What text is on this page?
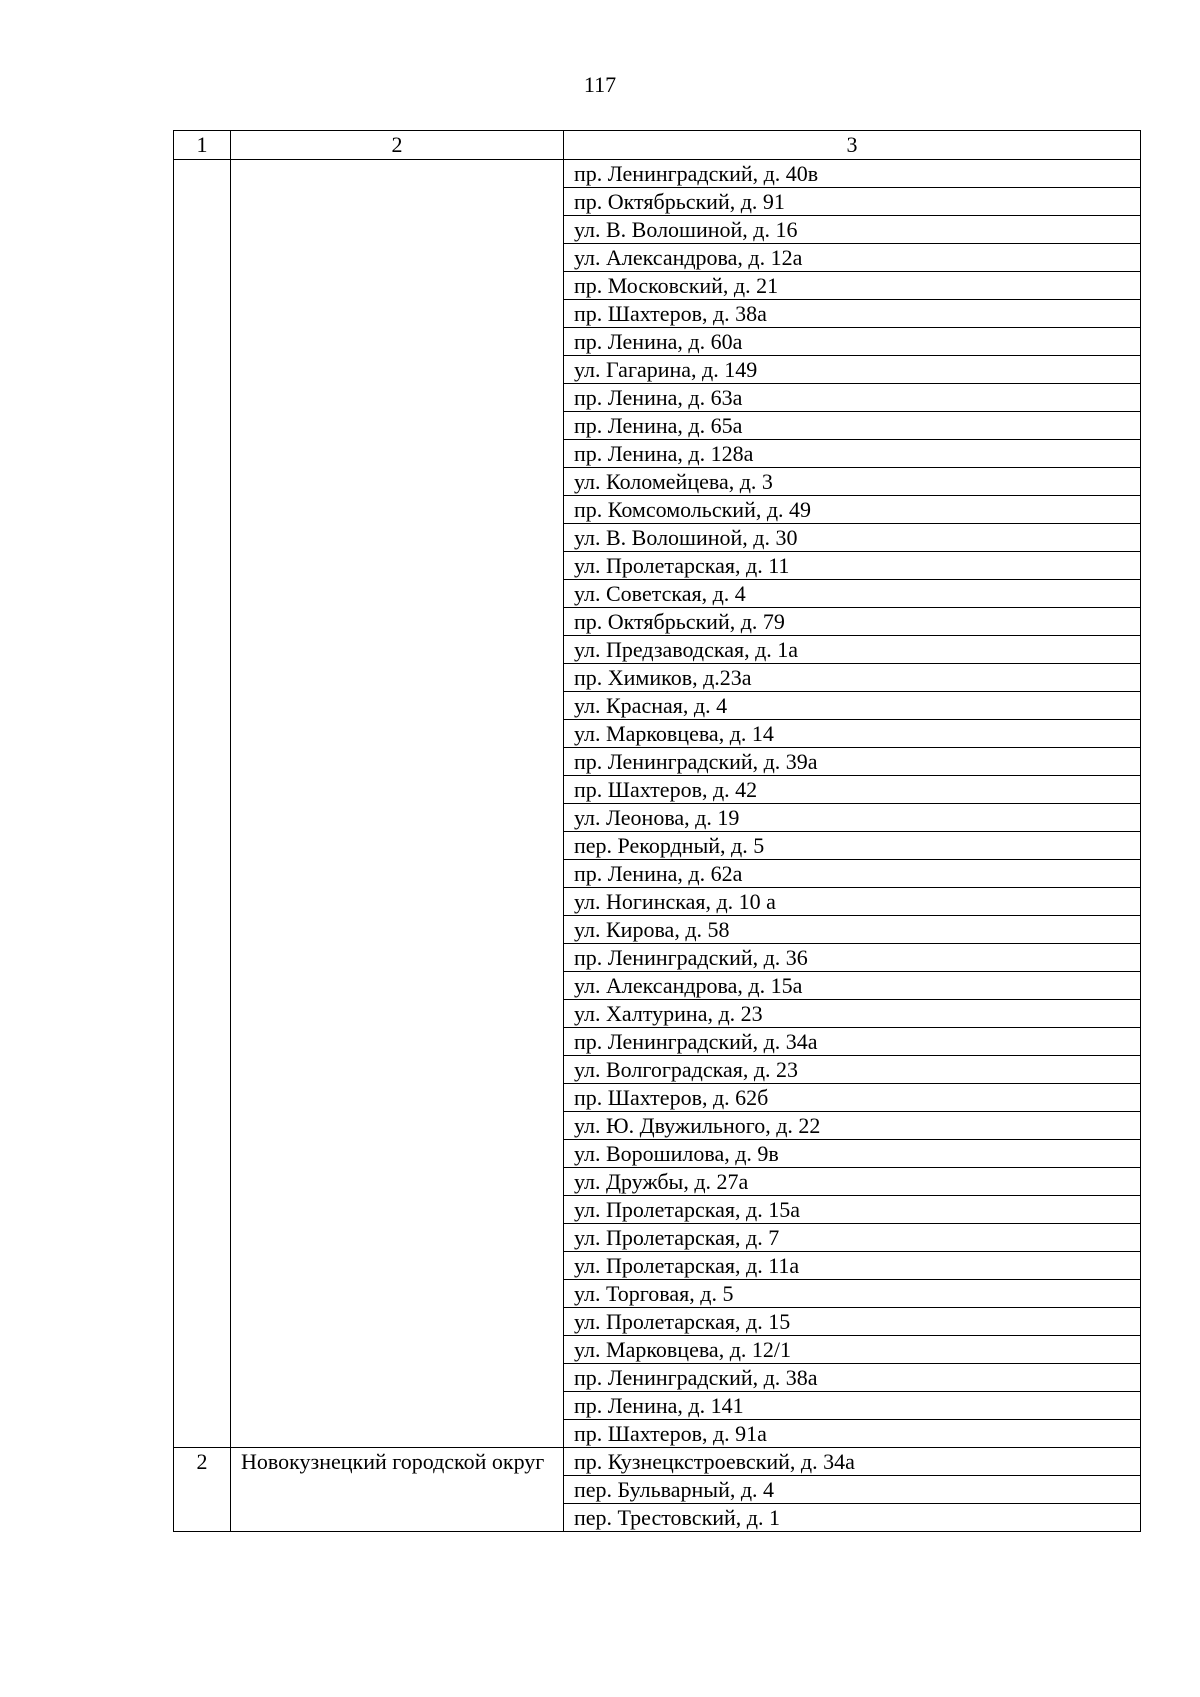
117
1	2	3
		пр. Ленинградский, д. 40в
		пр. Октябрьский, д. 91
		ул. В. Волошиной, д. 16
		ул. Александрова, д. 12а
		пр. Московский, д. 21
		пр. Шахтеров, д. 38а
		пр. Ленина, д. 60а
		ул. Гагарина, д. 149
		пр. Ленина, д. 63а
		пр. Ленина, д. 65а
		пр. Ленина, д. 128а
		ул. Коломейцева, д. 3
		пр. Комсомольский, д. 49
		ул. В. Волошиной, д. 30
		ул. Пролетарская, д. 11
		ул. Советская, д. 4
		пр. Октябрьский, д. 79
		ул. Предзаводская, д. 1а
		пр. Химиков, д.23а
		ул. Красная, д. 4
		ул. Марковцева, д. 14
		пр. Ленинградский, д. 39а
		пр. Шахтеров, д. 42
		ул. Леонова, д. 19
		пер. Рекордный, д. 5
		пр. Ленина, д. 62а
		ул. Ногинская, д. 10 а
		ул. Кирова, д. 58
		пр. Ленинградский, д. 36
		ул. Александрова, д. 15а
		ул. Халтурина, д. 23
		пр. Ленинградский, д. 34а
		ул. Волгоградская, д. 23
		пр. Шахтеров, д. 62б
		ул. Ю. Двужильного, д. 22
		ул. Ворошилова, д. 9в
		ул. Дружбы, д. 27а
		ул. Пролетарская, д. 15а
		ул. Пролетарская, д. 7
		ул. Пролетарская, д. 11а
		ул. Торговая, д. 5
		ул. Пролетарская, д. 15
		ул. Марковцева, д. 12/1
		пр. Ленинградский, д. 38а
		пр. Ленина, д. 141
		пр. Шахтеров, д. 91а
2	Новокузнецкий городской округ	пр. Кузнецкстроевский, д. 34а
		пер. Бульварный, д. 4
		пер. Трестовский, д. 1
